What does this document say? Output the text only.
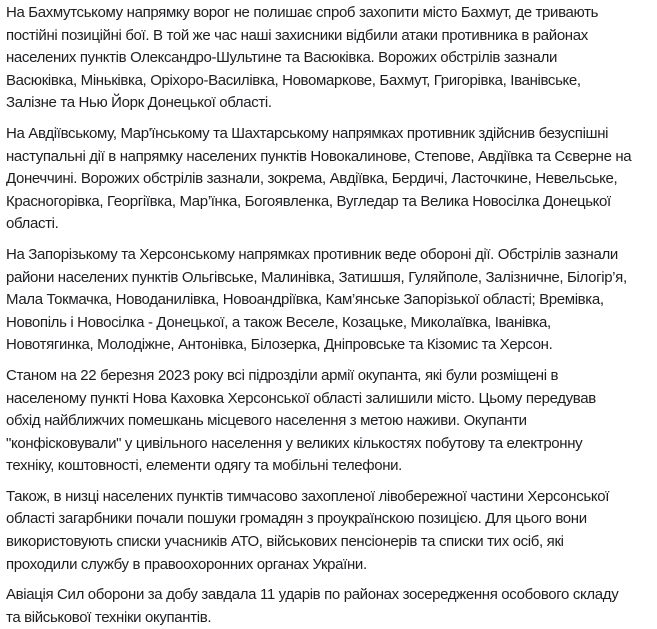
На Бахмутському напрямку ворог не полишає спроб захопити місто Бахмут, де тривають
постійні позиційні бої. В той же час наші захисники відбили атаки противника в районах
населених пунктів Олександро-Шультине та Васюківка. Ворожих обстрілів зазнали
Васюківка, Міньківка, Оріхоро-Василівка, Новомаркове, Бахмут, Григорівка, Іванівське,
Залізне та Нью Йорк Донецької області.
На Авдіївському, Мар'їнському та Шахтарському напрямках противник здійснив безуспішні
наступальні дії в напрямку населених пунктів Новокалинове, Степове, Авдіївка та Сєверне на
Донеччині. Ворожих обстрілів зазнали, зокрема, Авдіївка, Бердичі, Ласточкине, Невельське,
Красногорівка, Георгіївка, Мар’їнка, Богоявленка, Вугледар та Велика Новосілка Донецької
області.
На Запорізькому та Херсонському напрямках противник веде оборoні дії. Обстрілів зазнали
райони населених пунктів Ольгівське, Малинівка, Затишшя, Гуляйполе, Залізничне, Білогір’я,
Мала Токмачка, Новоданилівка, Новоандріївка, Кам’янське Запорізької області; Времівка,
Новопіль і Новосілка - Донецької, а також Веселе, Козацьке, Миколаївка, Іванівка,
Новотягинка, Молодіжне, Антонівка, Білозерка, Дніпровське та Кізомис та Херсон.
Станом на 22 березня 2023 року всі підрозділи армії окупанта, які були розміщені в
населеному пункті Нова Каховка Херсонської області залишили місто. Цьому передував
обхід найближчих помешкань місцевого населення з метою наживи. Окупанти
"конфісковували" у цивільного населення у великих кількостях побутову та електронну
техніку, коштовності, елементи одягу та мобільні телефони.
Також, в низці населених пунктів тимчасово захопленої лівобережної частини Херсонської
області загарбники почали пошуки громадян з проукраїнскою позицією. Для цього вони
використовують списки учасників АТО, військових пенсіонерів та списки тих осіб, які
проходили службу в правоохоронних органах України.
Авіація Сил оборони за добу завдала 11 ударів по районах зосередження особового складу
та військової техніки окупантів.
